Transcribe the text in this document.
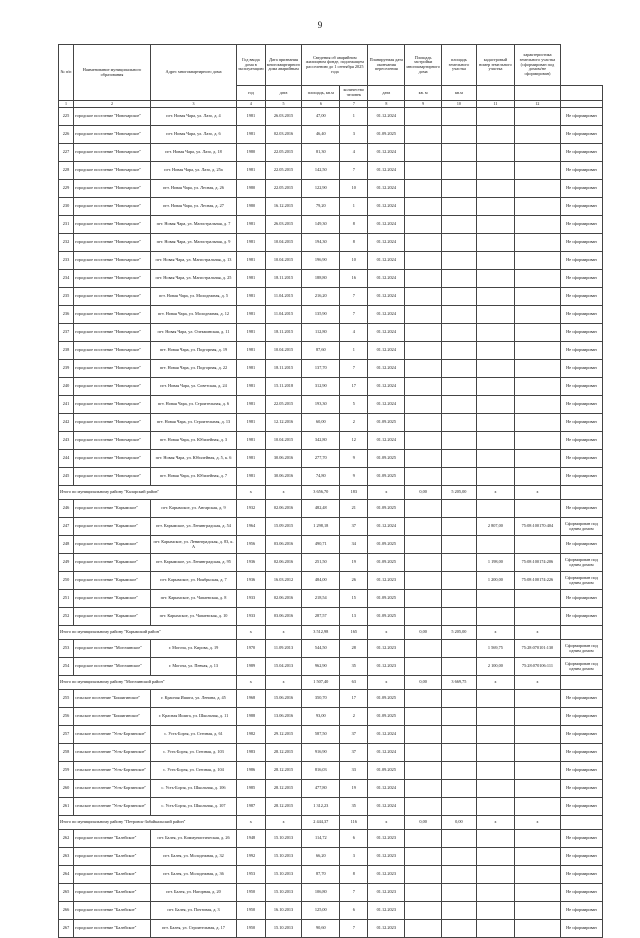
9
№ п/п	Наименование муниципального образования	Адрес многоквартирного дома	Год ввода дома в эксплуатацию	Дата признания многоквартирного дома аварийным	Сведения об аварийном жилищном фонде, подлежащем расселению до 1 сентября 2025 года		Планируемая дата окончания переселения	Площадь застройки многоквартирного дома	площадь земельного участка	кадастровый номер земельного участка	характеристика земельного участка (сформирован под домом/не сформирован)	
			год	дата	площадь, кв.м	количество человек	дата	кв. м	кв.м			
1	2	3	4	5	6	7	8	9	10	11	12	
225	городское поселение "Новочарское"	пгт. Новая Чара, ул. Лазо, д. 4	1981	26.03.2015	47,00	1	01.12.2024					Не сформирован
226	городское поселение "Новочарское"	пгт. Новая Чара, ул. Лазо, д. 6	1981	02.03.2016	46,40	3	01.09.2025					Не сформирован
227	городское поселение "Новочарское"	пгт. Новая Чара, ул. Лазо, д. 18	1980	22.05.2015	81,30	4	01.12.2024					Не сформирован
228	городское поселение "Новочарское"	пгт. Новая Чара, ул. Лазо, д. 25а	1981	22.05.2015	142,50	7	01.12.2024					Не сформирован
229	городское поселение "Новочарское"	пгт. Новая Чара, ул. Лесная, д. 26	1980	22.05.2015	122,90	10	01.12.2024					Не сформирован
230	городское поселение "Новочарское"	пгт. Новая Чара, ул. Лесная, д. 27	1980	16.12.2015	79,20	1	01.12.2024					Не сформирован
231	городское поселение "Новочарское"	пгт. Новая Чара, ул. Магистральная, д. 7	1981	26.03.2015	149,30	8	01.12.2024					Не сформирован
232	городское поселение "Новочарское"	пгт. Новая Чара, ул. Магистральная, д. 9	1981	10.04.2015	194,30	8	01.12.2024					Не сформирован
233	городское поселение "Новочарское"	пгт. Новая Чара, ул. Магистральная, д. 13	1981	10.04.2015	196,90	10	01.12.2024					Не сформирован
234	городское поселение "Новочарское"	пгт. Новая Чара, ул. Магистральная, д. 25	1981	18.11.2015	188,80	16	01.12.2024					Не сформирован
235	городское поселение "Новочарское"	пгт. Новая Чара, ул. Молодежная, д. 5	1981	11.04.2015	216,20	7	01.12.2024					Не сформирован
236	городское поселение "Новочарское"	пгт. Новая Чара, ул. Молодежная, д. 12	1981	11.04.2015	135,90	7	01.12.2024					Не сформирован
237	городское поселение "Новочарское"	пгт. Новая Чара, ул. Олекминская, д. 11	1981	18.11.2015	112,80	4	01.12.2024					Не сформирован
238	городское поселение "Новочарское"	пгт. Новая Чара, ул. Подгорная, д. 19	1981	10.04.2015	87,60	1	01.12.2024					Не сформирован
239	городское поселение "Новочарское"	пгт. Новая Чара, ул. Подгорная, д. 22	1981	18.11.2015	137,70	7	01.12.2024					Не сформирован
240	городское поселение "Новочарское"	пгт. Новая Чара, ул. Советская, д. 24	1981	15.11.2018	312,90	17	01.12.2024					Не сформирован
241	городское поселение "Новочарское"	пгт. Новая Чара, ул. Строительная, д. 6	1981	22.05.2015	193,30	5	01.12.2024					Не сформирован
242	городское поселение "Новочарское"	пгт. Новая Чара, ул. Строительная, д. 13	1981	12.12.2016	60,00	2	01.09.2025					Не сформирован
243	городское поселение "Новочарское"	пгт. Новая Чара, ул. Юбилейная, д. 3	1981	10.04.2015	342,80	12	01.12.2024					Не сформирован
244	городское поселение "Новочарское"	пгт. Новая Чара, ул. Юбилейная, д. 5, к. 6	1981	30.06.2016	277,70	9	01.09.2025					Не сформирован
245	городское поселение "Новочарское"	пгт. Новая Чара, ул. Юбилейная, д. 7	1981	30.06.2016	74,80	9	01.09.2025					Не сформирован
Итого по муниципальному району "Каларский район"			x	x	3 656,70	183	x	0,00	5 205,00	x	x	
246	городское поселение "Карымское"	пгт. Карымское, ул. Ангарская, д. 9	1932	02.06.2016	482,48	21	01.09.2025					Не сформирован
247	городское поселение "Карымское"	пгт. Карымское, ул. Ленинградская, д. 54	1964	15.09.2015	1 298,18	37	01.12.2024			2 807,00	75:08:100170:404	Сформирован под одним домом
248	городское поселение "Карымское"	пгт. Карымское, ул. Ленинградская, д. 83, к. А	1956	03.06.2016	490,71	34	01.09.2025					Не сформирован
249	городское поселение "Карымское"	пгт. Карымское, ул. Ленинградская, д. 95	1936	02.06.2016	251,50	19	01.09.2025			1 198,00	75:08:100174:206	Сформирован под одним домом
250	городское поселение "Карымское"	пгт. Карымское, ул. Ноябрьская, д. 7	1936	16.03.2012	484,00	26	01.12.2023			1 200,00	75:08:100174:226	Сформирован под одним домом
251	городское поселение "Карымское"	пгт. Карымское, ул. Чапаевская, д. 8	1933	02.06.2016	218,54	15	01.09.2025					Не сформирован
252	городское поселение "Карымское"	пгт. Карымское, ул. Чапаевская, д. 10	1933	03.06.2016	287,57	13	01.09.2025					Не сформирован
Итого по муниципальному району "Карымский район"			x	x	3 512,98	165	x	0,00	5 205,00	x	x	
253	городское поселение "Могочинское"	г. Могоча, ул. Кирова, д. 19	1970	11.09.2013	544,50	28	01.12.2023			1 569,75	75:28:070101:130	Сформирован под одним домом
254	городское поселение "Могочинское"	г. Могоча, ул. Певчая, д. 13	1989	15.04.2013	962,90	35	01.12.2023			2 100,00	75:28:070106:111	Сформирован под одним домом
Итого по муниципальному району "Могочинский район"			x	x	1 507,40	63	x	0,00	3 669,75	x	x	
255	сельское поселение "Бишигинское"	г. Красная Ишига, ул. Ленина, д. 45	1968	15.06.2016	350,70	17	01.09.2025					Не сформирован
256	сельское поселение "Бишигинское"	г. Красная Ишига, ул. Школьная, д. 11	1988	13.06.2016	93,00	2	01.09.2025					Не сформирован
257	сельское поселение "Усть-Борзинское"	с. Усть-Борзя, ул. Степная, д. 61	1982	29.12.2015	587,50	37	01.12.2024					Не сформирован
258	сельское поселение "Усть-Борзинское"	с. Усть-Борзя, ул. Степная, д. 103	1983	28.12.2015	916,90	37	01.12.2024					Не сформирован
259	сельское поселение "Усть-Борзинское"	с. Усть-Борзя, ул. Степная, д. 104	1986	28.12.2015	816,03	33	01.09.2025					Не сформирован
260	сельское поселение "Усть-Борзинское"	с. Усть-Борзя, ул. Школьная, д. 106	1985	28.12.2015	477,80	19	01.12.2024					Не сформирован
261	сельское поселение "Усть-Борзинское"	с. Усть-Борзя, ул. Школьная, д. 107	1987	28.12.2015	1 312,23	35	01.12.2024					Не сформирован
Итого по муниципальному району "Петровск-Забайкальский район"			x	x	2 444,37	116	x	0,00	0,00	x	x	
262	городское поселение "Балейское"	пгт. Балея, ул. Коммунистическая, д. 26	1948	15.10.2013	114,72	6	01.12.2023					Не сформирован
263	городское поселение "Балейское"	пгт. Балея, ул. Молодежная, д. 32	1992	15.10.2013	66,20	3	01.12.2023					Не сформирован
264	городское поселение "Балейское"	пгт. Балея, ул. Молодежная, д. 36	1953	15.10.2013	87,70	8	01.12.2023					Не сформирован
265	городское поселение "Балейское"	пгт. Балея, ул. Нагорная, д. 20	1950	15.10.2013	106,80	7	01.12.2023					Не сформирован
266	городское поселение "Балейское"	пгт. Балея, ул. Почтовая, д. 3	1950	16.10.2013	125,00	6	01.12.2023					Не сформирован
267	городское поселение "Балейское"	пгт. Балея, ул. Строительная, д. 17	1950	15.10.2013	90,60	7	01.12.2023					Не сформирован
